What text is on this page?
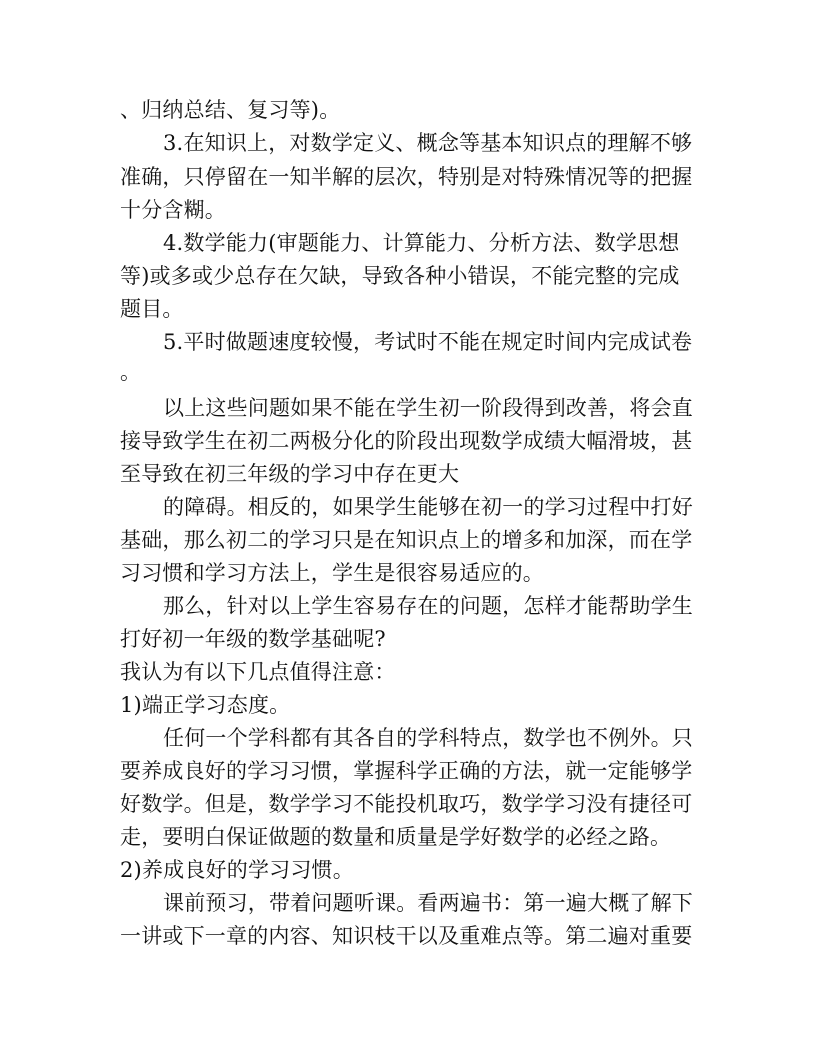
、归纳总结、复习等)。
3.在知识上，对数学定义、概念等基本知识点的理解不够
准确，只停留在一知半解的层次，特别是对特殊情况等的把握
十分含糊。
4.数学能力(审题能力、计算能力、分析方法、数学思想
等)或多或少总存在欠缺，导致各种小错误，不能完整的完成
题目。
5.平时做题速度较慢，考试时不能在规定时间内完成试卷
。
以上这些问题如果不能在学生初一阶段得到改善，将会直
接导致学生在初二两极分化的阶段出现数学成绩大幅滑坡，甚
至导致在初三年级的学习中存在更大
的障碍。相反的，如果学生能够在初一的学习过程中打好
基础，那么初二的学习只是在知识点上的增多和加深，而在学
习习惯和学习方法上，学生是很容易适应的。
那么，针对以上学生容易存在的问题，怎样才能帮助学生
打好初一年级的数学基础呢?
我认为有以下几点值得注意：
1)端正学习态度。
任何一个学科都有其各自的学科特点，数学也不例外。只
要养成良好的学习习惯，掌握科学正确的方法，就一定能够学
好数学。但是，数学学习不能投机取巧，数学学习没有捷径可
走，要明白保证做题的数量和质量是学好数学的必经之路。
2)养成良好的学习习惯。
课前预习，带着问题听课。看两遍书：第一遍大概了解下
一讲或下一章的内容、知识枝干以及重难点等。第二遍对重要
